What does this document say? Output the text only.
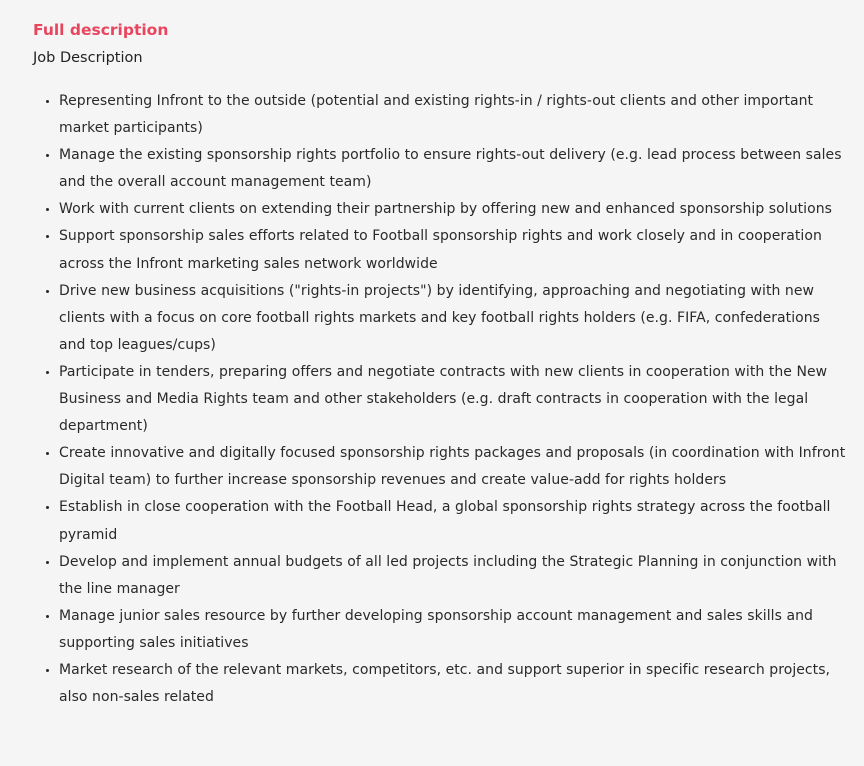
Full description
Job Description
Representing Infront to the outside (potential and existing rights-in / rights-out clients and other important market participants)
Manage the existing sponsorship rights portfolio to ensure rights-out delivery (e.g. lead process between sales and the overall account management team)
Work with current clients on extending their partnership by offering new and enhanced sponsorship solutions
Support sponsorship sales efforts related to Football sponsorship rights and work closely and in cooperation across the Infront marketing sales network worldwide
Drive new business acquisitions ("rights-in projects") by identifying, approaching and negotiating with new clients with a focus on core football rights markets and key football rights holders (e.g. FIFA, confederations and top leagues/cups)
Participate in tenders, preparing offers and negotiate contracts with new clients in cooperation with the New Business and Media Rights team and other stakeholders (e.g. draft contracts in cooperation with the legal department)
Create innovative and digitally focused sponsorship rights packages and proposals (in coordination with Infront Digital team) to further increase sponsorship revenues and create value-add for rights holders
Establish in close cooperation with the Football Head, a global sponsorship rights strategy across the football pyramid
Develop and implement annual budgets of all led projects including the Strategic Planning in conjunction with the line manager
Manage junior sales resource by further developing sponsorship account management and sales skills and supporting sales initiatives
Market research of the relevant markets, competitors, etc. and support superior in specific research projects, also non-sales related
